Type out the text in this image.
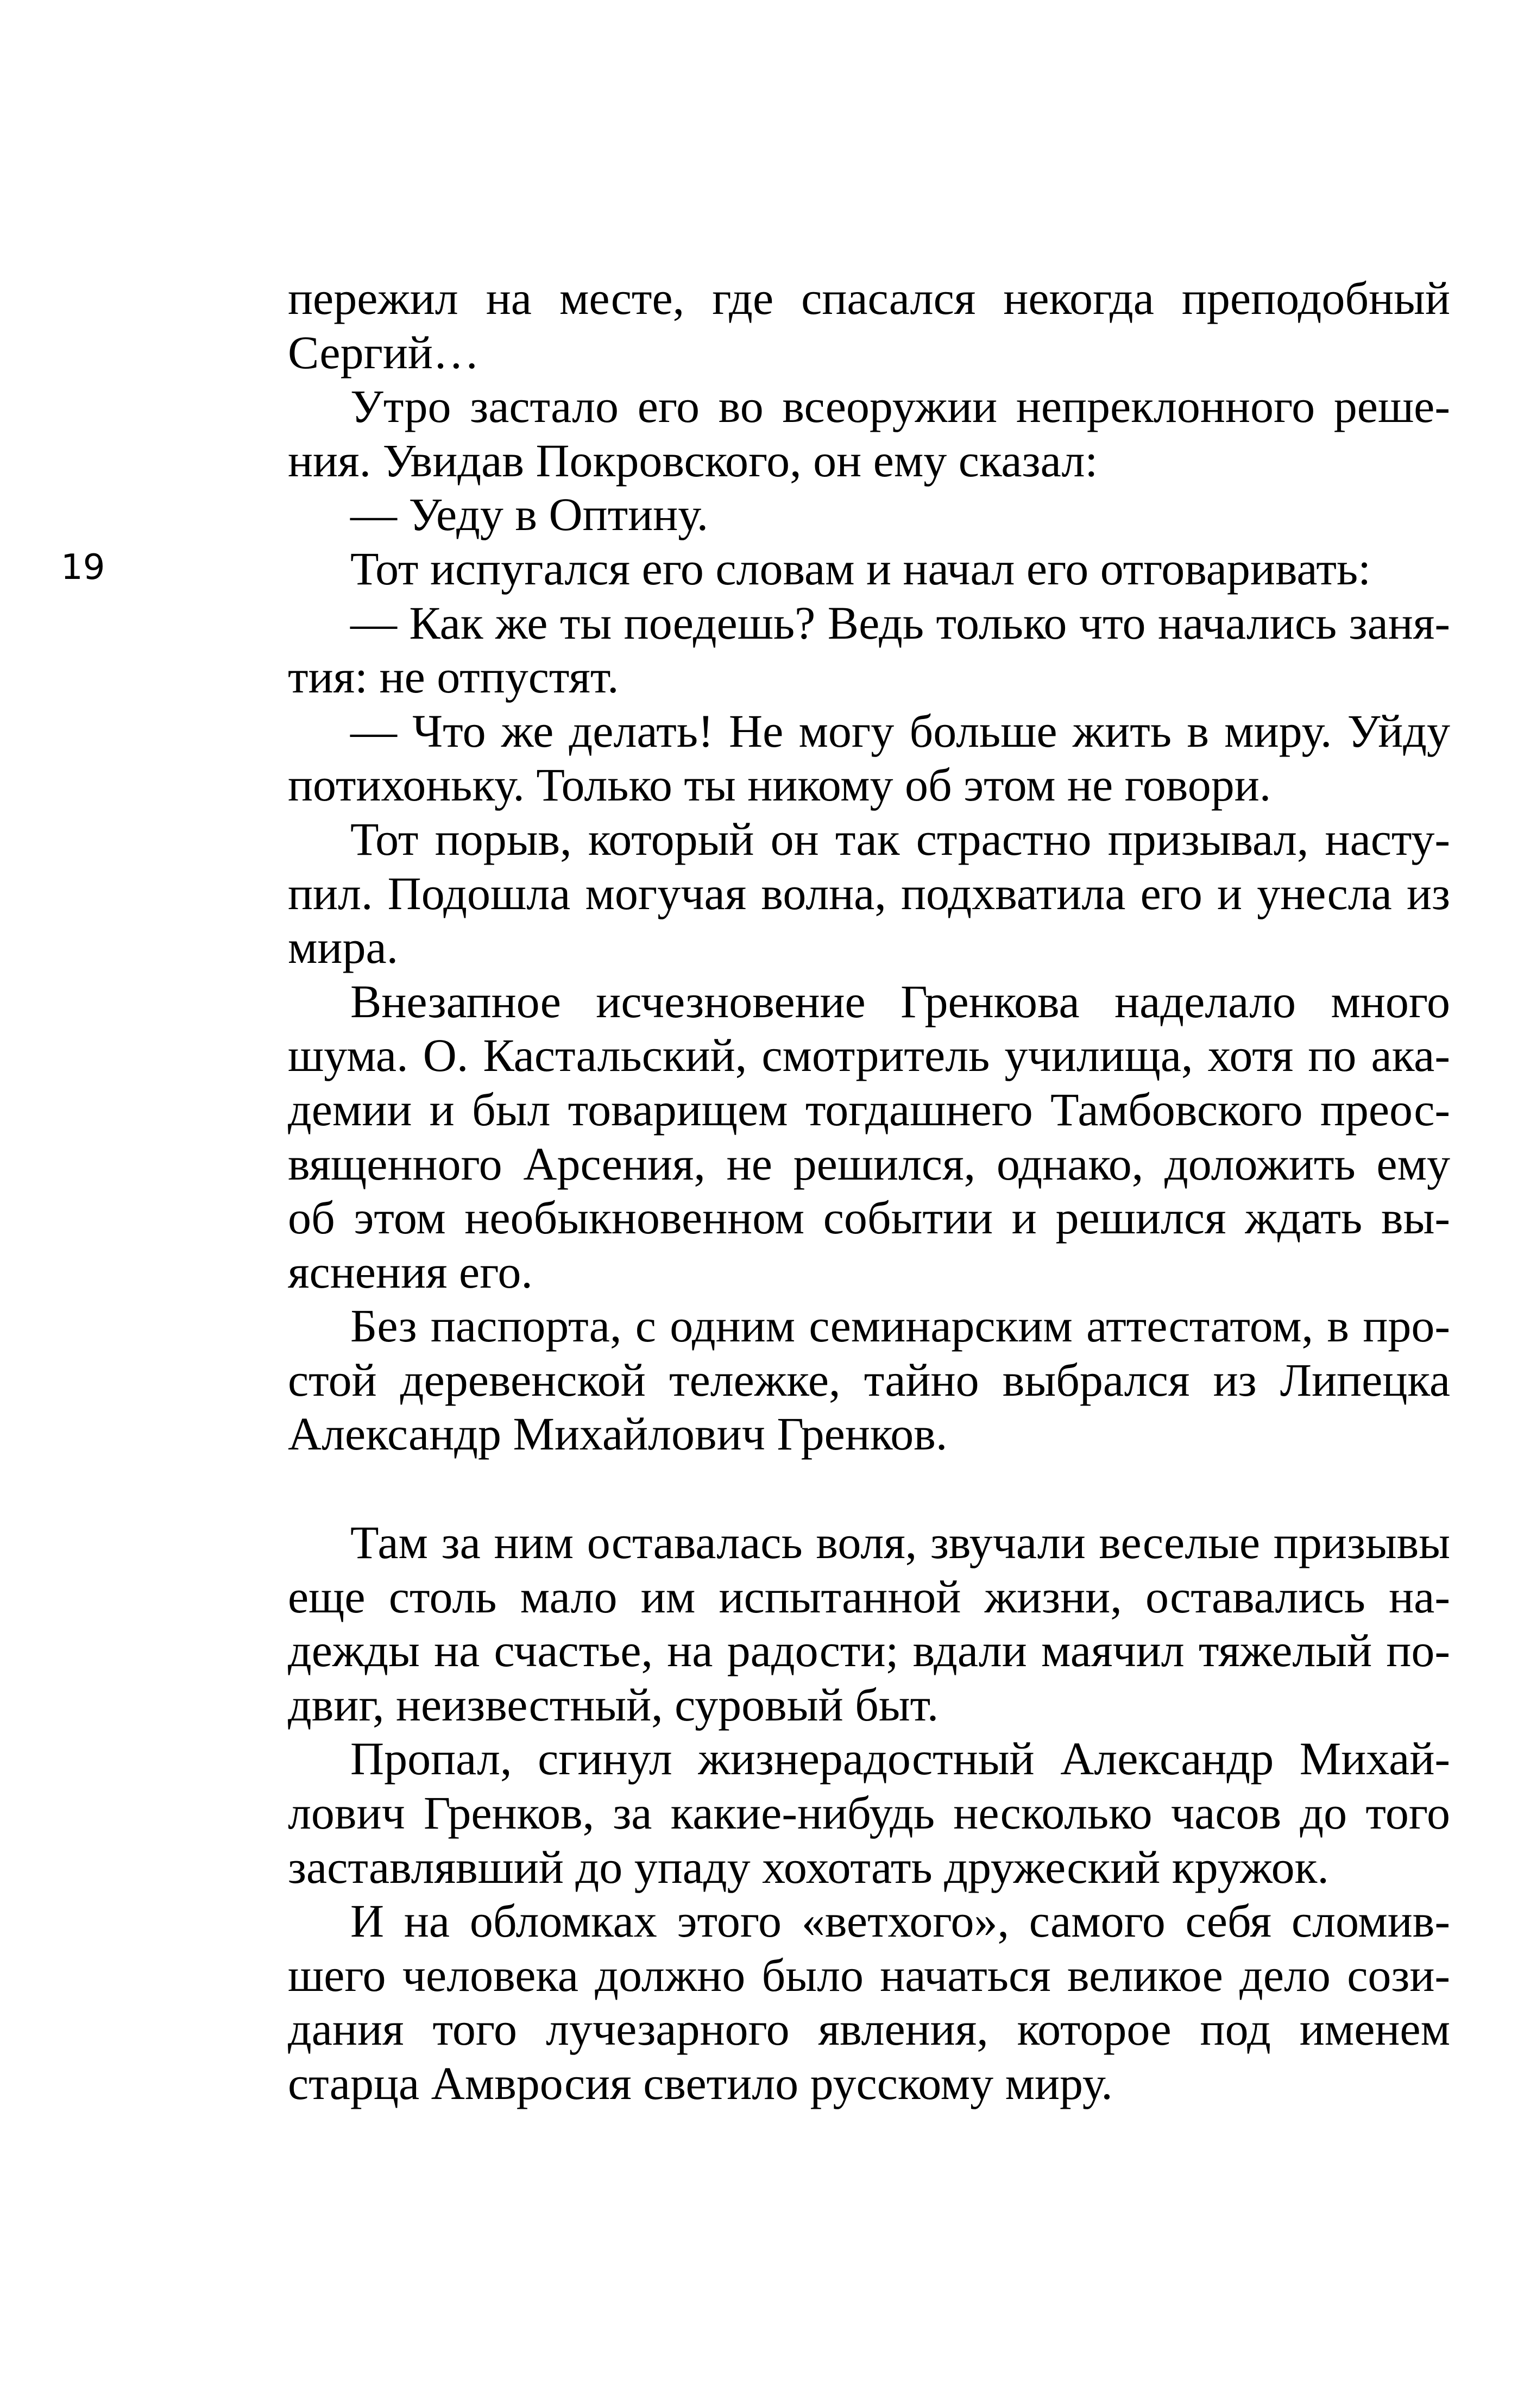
19

пережил на месте, где спасался некогда преподобный
Сергий…

Утро застало его во всеоружии непреклонного реше-
ния. Увидав Покровского, он ему сказал:

— Уеду в Оптину.

Тот испугался его словам и начал его отговаривать:

— Как же ты поедешь? Ведь только что начались заня-
тия: не отпустят.

— Что же делать! Не могу больше жить в миру. Уйду
потихоньку. Только ты никому об этом не говори.

Тот порыв, который он так страстно призывал, насту-
пил. Подошла могучая волна, подхватила его и унесла из
мира.

Внезапное исчезновение Гренкова наделало много
шума. О. Кастальский, смотритель училища, хотя по ака-
демии и был товарищем тогдашнего Тамбовского преос-
вященного Арсения, не решился, однако, доложить ему
об этом необыкновенном событии и решился ждать вы-
яснения его.

Без паспорта, с одним семинарским аттестатом, в про-
стой деревенской тележке, тайно выбрался из Липецка
Александр Михайлович Гренков.

Там за ним оставалась воля, звучали веселые призывы
еще столь мало им испытанной жизни, оставались на-
дежды на счастье, на радости; вдали маячил тяжелый по-
двиг, неизвестный, суровый быт.

Пропал, сгинул жизнерадостный Александр Михай-
лович Гренков, за какие-нибудь несколько часов до того
заставлявший до упаду хохотать дружеский кружок.

И на обломках этого «ветхого», самого себя сломив-
шего человека должно было начаться великое дело сози-
дания того лучезарного явления, которое под именем
старца Амвросия светило русскому миру.
